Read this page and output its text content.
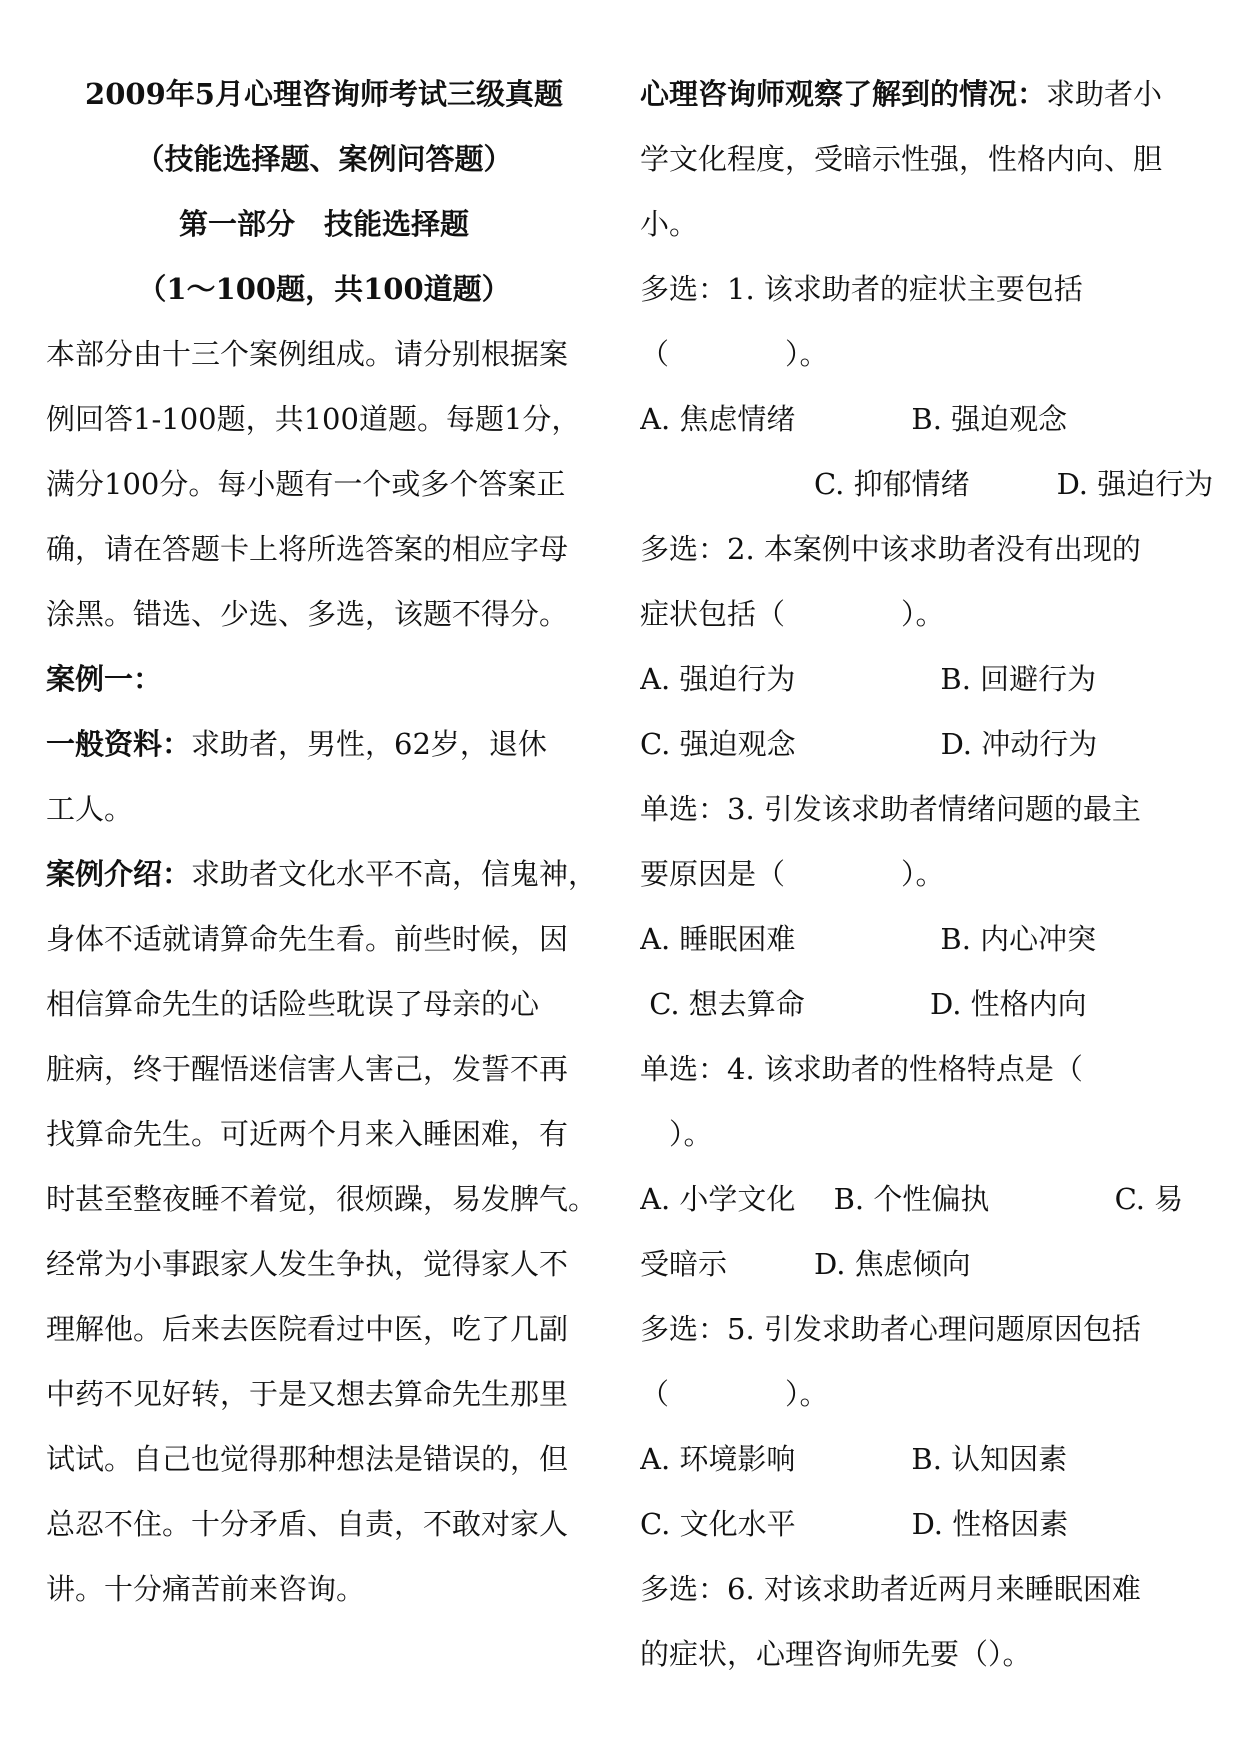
2009年5月心理咨询师考试三级真题
（技能选择题、案例问答题）
第一部分　技能选择题
（1～100题，共100道题）
本部分由十三个案例组成。请分别根据案
例回答1-100题，共100道题。每题1分，
满分100分。每小题有一个或多个答案正
确，请在答题卡上将所选答案的相应字母
涂黑。错选、少选、多选，该题不得分。
案例一：
一般资料：求助者，男性，62岁，退休
工人。
案例介绍：求助者文化水平不高，信鬼神，
身体不适就请算命先生看。前些时候，因
相信算命先生的话险些耽误了母亲的心
脏病，终于醒悟迷信害人害己，发誓不再
找算命先生。可近两个月来入睡困难，有
时甚至整夜睡不着觉，很烦躁，易发脾气。
经常为小事跟家人发生争执，觉得家人不
理解他。后来去医院看过中医，吃了几副
中药不见好转，于是又想去算命先生那里
试试。自己也觉得那种想法是错误的，但
总忍不住。十分矛盾、自责，不敢对家人
讲。十分痛苦前来咨询。
心理咨询师观察了解到的情况：求助者小
学文化程度，受暗示性强，性格内向、胆
小。
多选：1. 该求助者的症状主要包括
（　　　　）。
A. 焦虑情绪　　　　B. 强迫观念
　　　　　　C. 抑郁情绪　　　D. 强迫行为
多选：2. 本案例中该求助者没有出现的
症状包括（　　　　）。
A. 强迫行为　　　　　B. 回避行为
C. 强迫观念　　　　　D. 冲动行为
单选：3. 引发该求助者情绪问题的最主
要原因是（　　　　）。
A. 睡眠困难　　　　　B. 内心冲突
C. 想去算命　　　　 D. 性格内向
单选：4. 该求助者的性格特点是（
　）。
A. 小学文化　 B. 个性偏执　　　　 C. 易
受暗示　　　D. 焦虑倾向
多选：5. 引发求助者心理问题原因包括
（　　　　）。
A. 环境影响　　　　B. 认知因素
C. 文化水平　　　　D. 性格因素
多选：6. 对该求助者近两月来睡眠困难
的症状，心理咨询师先要（）。
